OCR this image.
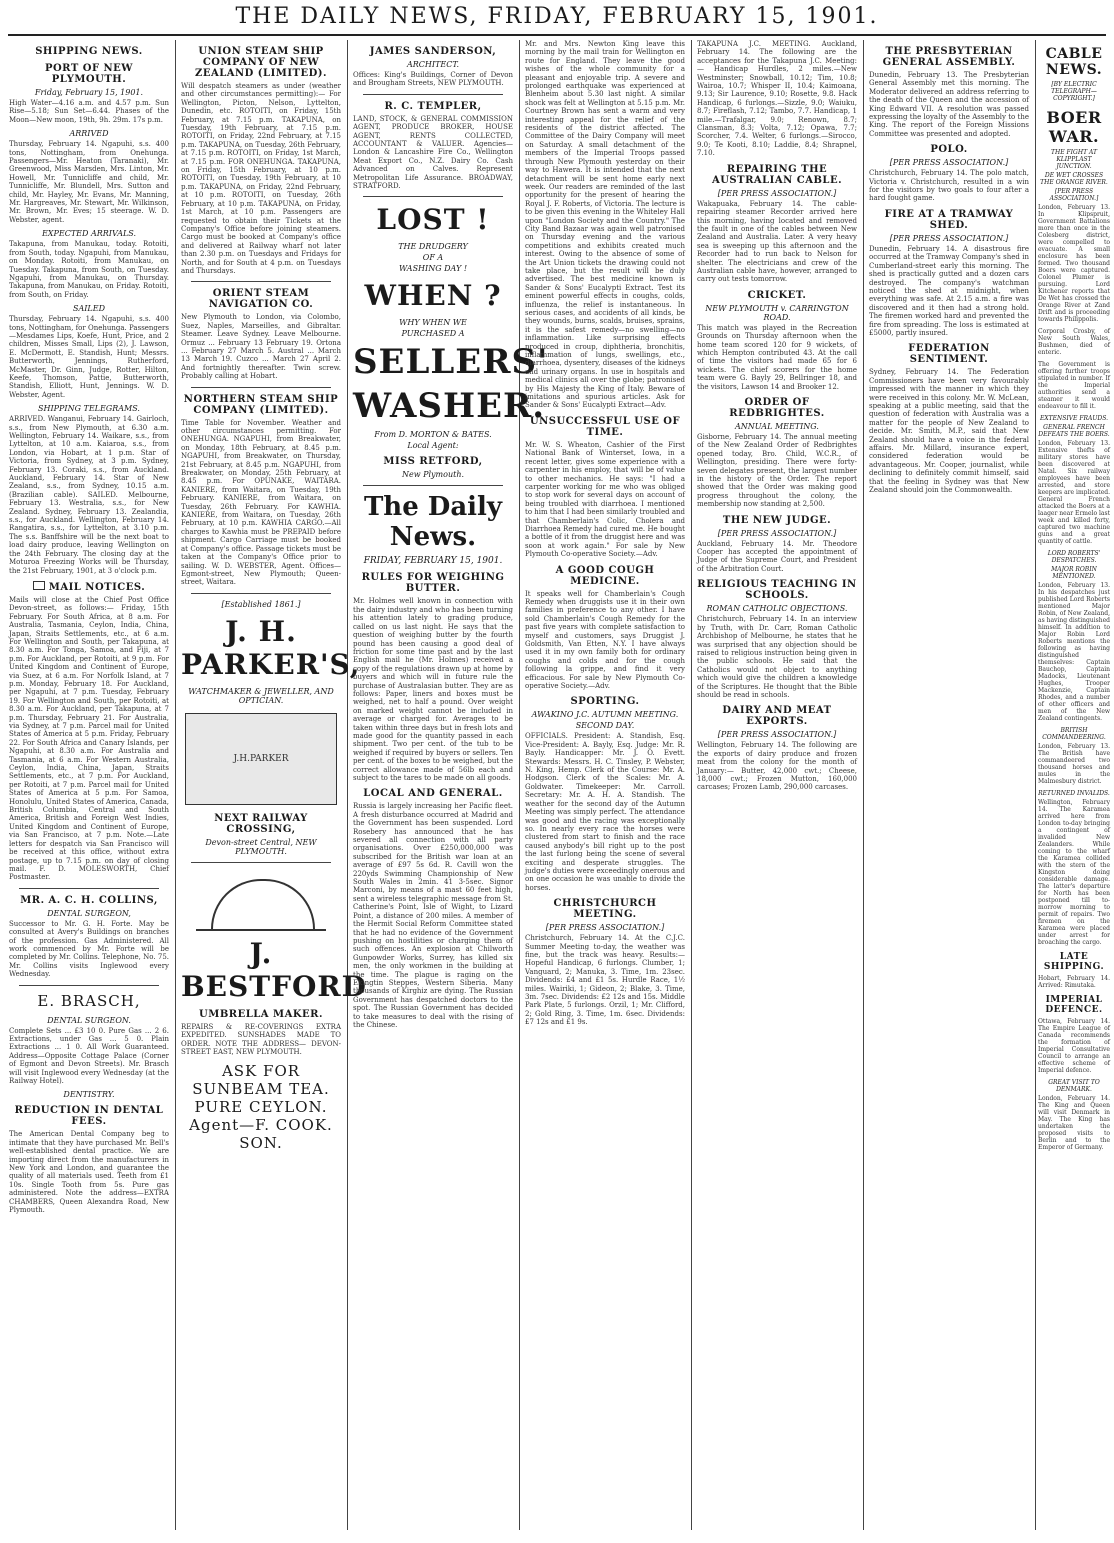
THE DAILY NEWS, FRIDAY, FEBRUARY 15, 1901.
SHIPPING NEWS.
PORT OF NEW PLYMOUTH.
Friday, February 15, 1901.

High Water—4.16 a.m. and 4.57 p.m. Sun Rise—5.18; Sun Set—6.44. Phases of the Moon—New moon, 19th, 9h. 29m. 17s p.m.

ARRIVED

Thursday, February 14. Ngapuhi, s.s. 400 tons, Nottingham, from Onehunga. Passengers—Mr. Heaton (Taranaki), Mr. Greenwood, Miss Marsden, Mrs. Linton, Mr. Howell, Mr. Tunnicliffe and child, Mr. Tunnicliffe, Mr. Blundell, Mrs. Sutton and child, Mr. Hayley, Mr. Evans, Mr. Manning, Mr. Hargreaves, Mr. Stewart, Mr. Wilkinson, Mr. Brown, Mr. Eves; 15 steerage. W. D. Webster, agent.

EXPECTED ARRIVALS.

Takapuna, from Manukau, today. Rotoiti, from South, today. Ngapuhi, from Manukau, on Monday. Rotoiti, from Manukau, on Tuesday. Takapuna, from South, on Tuesday. Ngapuhi, from Manukau, on Thursday. Takapuna, from Manukau, on Friday. Rotoiti, from South, on Friday.

SAILED

Thursday, February 14. Ngapuhi, s.s. 400 tons, Nottingham, for Onehunga. Passengers—Mesdames Lips, Koefe, Hunt, Price, and 2 children, Misses Small, Lips (2), J. Lawson, E. McDermott, E. Standish, Hunt; Messrs. Butterworth, Jennings, Rutherford, McMaster, Dr. Ginn, Judge, Rotter, Hilton, Keefe, Thomson, Pattie, Butterworth, Standish, Elliott, Hunt, Jennings. W. D. Webster, Agent.

SHIPPING TELEGRAMS.

ARRIVED. Wanganui, February 14. Gairloch, s.s., from New Plymouth, at 6.30 a.m. Wellington, February 14. Waikare, s.s., from Lyttelton, at 10 a.m. Kaiaroa, s.s., from London, via Hobart, at 1 p.m. Star of Victoria, from Sydney, at 3 p.m. Sydney, February 13. Coraki, s.s., from Auckland. Auckland, February 14. Star of New Zealand, s.s., from Sydney, 10.15 a.m. (Brazilian cable). SAILED. Melbourne, February 13. Westralia, s.s., for New Zealand. Sydney, February 13. Zealandia, s.s., for Auckland. Wellington, February 14. Rangatira, s.s., for Lyttelton, at 3.10 p.m. The s.s. Banffshire will be the next boat to load dairy produce, leaving Wellington on the 24th February. The closing day at the Moturoa Freezing Works will be Thursday, the 21st February, 1901, at 3 o'clock p.m.

MAIL NOTICES.

Mails will close at the Chief Post Office Devon-street, as follows:— Friday, 15th February. For South Africa, at 8 a.m. For Australia, Tasmania, Ceylon, India, China, Japan, Straits Settlements, etc., at 6 a.m. For Wellington and South, per Takapuna, at 8.30 a.m. For Tonga, Samoa, and Fiji, at 7 p.m. For Auckland, per Rotoiti, at 9 p.m. For United Kingdom and Continent of Europe, via Suez, at 6 a.m. For Norfolk Island, at 7 p.m. Monday, February 18. For Auckland, per Ngapuhi, at 7 p.m. Tuesday, February 19. For Wellington and South, per Rotoiti, at 8.30 a.m. For Auckland, per Takapuna, at 7 p.m. Thursday, February 21. For Australia, via Sydney, at 7 p.m. Parcel mail for United States of America at 5 p.m. Friday, February 22. For South Africa and Canary Islands, per Ngapuhi, at 8.30 a.m. For Australia and Tasmania, at 6 a.m. For Western Australia, Ceylon, India, China, Japan, Straits Settlements, etc., at 7 p.m. For Auckland, per Rotoiti, at 7 p.m. Parcel mail for United States of America at 5 p.m. For Samoa, Honolulu, United States of America, Canada, British Columbia, Central and South America, British and Foreign West Indies, United Kingdom and Continent of Europe, via San Francisco, at 7 p.m. Note.—Late letters for despatch via San Francisco will be received at this office, without extra postage, up to 7.15 p.m. on day of closing mail. F. D. MOLESWORTH, Chief Postmaster.

MR. A. C. H. COLLINS,
DENTAL SURGEON,

Successor to Mr. G. H. Forte. May be consulted at Avery's Buildings on branches of the profession. Gas Administered. All work commenced by Mr. Forte will be completed by Mr. Collins. Telephone, No. 75. Mr. Collins visits Inglewood every Wednesday.

E. BRASCH,
DENTAL SURGEON.

Complete Sets ... £3 10 0. Pure Gas ... 2 6. Extractions, under Gas ... 5 0. Plain Extractions ... 1 0. All Work Guaranteed. Address—Opposite Cottage Palace (Corner of Egmont and Devon Streets). Mr. Brasch will visit Inglewood every Wednesday (at the Railway Hotel).

DENTISTRY.
REDUCTION IN DENTAL FEES.

The American Dental Company beg to intimate that they have purchased Mr. Bell's well-established dental practice. We are importing direct from the manufacturers in New York and London, and guarantee the quality of all materials used. Teeth from £1 10s. Single Tooth from 5s. Pure gas administered. Note the address—EXTRA CHAMBERS, Queen Alexandra Road, New Plymouth.

UNION STEAM SHIP COMPANY OF NEW ZEALAND (LIMITED).

Will despatch steamers as under (weather and other circumstances permitting):— For Wellington, Picton, Nelson, Lyttelton, Dunedin, etc. ROTOITI, on Friday, 15th February, at 7.15 p.m. TAKAPUNA, on Tuesday, 19th February, at 7.15 p.m. ROTOITI, on Friday, 22nd February, at 7.15 p.m. TAKAPUNA, on Tuesday, 26th February, at 7.15 p.m. ROTOITI, on Friday, 1st March, at 7.15 p.m. FOR ONEHUNGA. TAKAPUNA, on Friday, 15th February, at 10 p.m. ROTOITI, on Tuesday, 19th February, at 10 p.m. TAKAPUNA, on Friday, 22nd February, at 10 p.m. ROTOITI, on Tuesday, 26th February, at 10 p.m. TAKAPUNA, on Friday, 1st March, at 10 p.m. Passengers are requested to obtain their Tickets at the Company's Office before joining steamers. Cargo must be booked at Company's office and delivered at Railway wharf not later than 2.30 p.m. on Tuesdays and Fridays for North, and for South at 4 p.m. on Tuesdays and Thursdays.

ORIENT STEAM NAVIGATION CO.

New Plymouth to London, via Colombo, Suez, Naples, Marseilles, and Gibraltar. Steamer. Leave Sydney. Leave Melbourne. Ormuz ... February 13 February 19. Ortona ... February 27 March 5. Austral ... March 13 March 19. Cuzco ... March 27 April 2. And fortnightly thereafter. Twin screw. Probably calling at Hobart.

NORTHERN STEAM SHIP COMPANY (LIMITED).

Time Table for November. Weather and other circumstances permitting. For ONEHUNGA. NGAPUHI, from Breakwater, on Monday, 18th February, at 8.45 p.m. NGAPUHI, from Breakwater, on Thursday, 21st February, at 8.45 p.m. NGAPUHI, from Breakwater, on Monday, 25th February, at 8.45 p.m. For OPUNAKE, WAITARA. KANIERE, from Waitara, on Tuesday, 19th February. KANIERE, from Waitara, on Tuesday, 26th February. For KAWHIA. KANIERE, from Waitara, on Tuesday, 26th February, at 10 p.m. KAWHIA CARGO.—All charges to Kawhia must be PREPAID before shipment. Cargo Carriage must be booked at Company's office. Passage tickets must be taken at the Company's Office prior to sailing. W. D. WEBSTER, Agent. Offices—Egmont-street, New Plymouth; Queen-street, Waitara.

[Established 1861.]
J. H. PARKER'S,
WATCHMAKER & JEWELLER, AND OPTICIAN.
J.H.PARKER
NEXT RAILWAY CROSSING,
Devon-street Central, NEW PLYMOUTH.
J. BESTFORD
UMBRELLA MAKER.

REPAIRS & RE-COVERINGS EXTRA EXPEDITED. SUNSHADES MADE TO ORDER. NOTE THE ADDRESS— DEVON-STREET EAST, NEW PLYMOUTH.

ASK FOR SUNBEAM TEA. PURE CEYLON. Agent—F. COOK. SON.
JAMES SANDERSON,
ARCHITECT.

Offices: King's Buildings, Corner of Devon and Brougham Streets, NEW PLYMOUTH.

R. C. TEMPLER,

LAND, STOCK, & GENERAL COMMISSION AGENT, PRODUCE BROKER, HOUSE AGENT, RENTS COLLECTED, ACCOUNTANT & VALUER. Agencies— London & Lancashire Fire Co., Wellington Meat Export Co., N.Z. Dairy Co. Cash Advanced on Calves. Represent Metropolitan Life Assurance. BROADWAY, STRATFORD.

LOST !
THE DRUDGERY
OF A
WASHING DAY !
WHEN ?
WHY WHEN WE
PURCHASED A
SELLERS'
WASHER.
From D. MORTON & BATES.
Local Agent:
MISS RETFORD,
New Plymouth.
The Daily News.
FRIDAY, FEBRUARY 15, 1901.
RULES FOR WEIGHING BUTTER.

Mr. Holmes well known in connection with the dairy industry and who has been turning his attention lately to grading produce, called on us last night. He says that the question of weighing butter by the fourth pound has been causing a good deal of friction for some time past and by the last English mail he (Mr. Holmes) received a copy of the regulations drawn up at home by buyers and which will in future rule the purchase of Australasian butter. They are as follows: Paper, liners and boxes must be weighed, net to half a pound. Over weight on marked weight cannot be included in average or charged for. Averages to be taken within three days but in fresh lots and made good for the quantity passed in each shipment. Two per cent. of the tub to be weighed if required by buyers or sellers. Ten per cent. of the boxes to be weighed, but the correct allowance made of 56lb each and subject to the tares to be made on all goods.

LOCAL AND GENERAL.

Russia is largely increasing her Pacific fleet. A fresh disturbance occurred at Madrid and the Government has been suspended. Lord Rosebery has announced that he has severed all connection with all party organisations. Over £250,000,000 was subscribed for the British war loan at an average of £97 5s 6d. R. Cavill won the 220yds Swimming Championship of New South Wales in 2min. 41 3-5sec. Signor Marconi, by means of a mast 60 feet high, sent a wireless telegraphic message from St. Catherine's Point, Isle of Wight, to Lizard Point, a distance of 200 miles. A member of the Hermit Social Reform Committee stated that he had no evidence of the Government pushing on hostilities or charging them of such offences. An explosion at Chilworth Gunpowder Works, Surrey, has killed six men, the only workmen in the building at the time. The plague is raging on the Ekingtin Steppes, Western Siberia. Many thousands of Kirghiz are dying. The Russian Government has despatched doctors to the spot. The Russian Government has decided to take measures to deal with the rising of the Chinese.

Mr. and Mrs. Newton King leave this morning by the mail train for Wellington en route for England. They leave the good wishes of the whole community for a pleasant and enjoyable trip. A severe and prolonged earthquake was experienced at Blenheim about 5.30 last night. A similar shock was felt at Wellington at 5.15 p.m. Mr. Courtney Brown has sent a warm and very interesting appeal for the relief of the residents of the district affected. The Committee of the Dairy Company will meet on Saturday. A small detachment of the members of the Imperial Troops passed through New Plymouth yesterday on their way to Hawera. It is intended that the next detachment will be sent home early next week. Our readers are reminded of the last opportunity for the present of hearing the Royal J. F. Roberts, of Victoria. The lecture is to be given this evening in the Whiteley Hall upon "London Society and the Country." The City Band Bazaar was again well patronised on Thursday evening and the various competitions and exhibits created much interest. Owing to the absence of some of the Art Union tickets the drawing could not take place, but the result will be duly advertised. The best medicine known is Sander & Sons' Eucalypti Extract. Test its eminent powerful effects in coughs, colds, influenza, the relief is instantaneous. In serious cases, and accidents of all kinds, be they wounds, burns, scalds, bruises, sprains, it is the safest remedy—no swelling—no inflammation. Like surprising effects produced in croup, diphtheria, bronchitis, inflammation of lungs, swellings, etc., diarrhoea, dysentery, diseases of the kidneys and urinary organs. In use in hospitals and medical clinics all over the globe; patronised by His Majesty the King of Italy. Beware of imitations and spurious articles. Ask for Sander & Sons' Eucalypti Extract—Adv.

UNSUCCESSFUL USE OF TIME.

Mr. W. S. Wheaton, Cashier of the First National Bank of Winterset, Iowa, in a recent letter, gives some experience with a carpenter in his employ, that will be of value to other mechanics. He says: "I had a carpenter working for me who was obliged to stop work for several days on account of being troubled with diarrhoea. I mentioned to him that I had been similarly troubled and that Chamberlain's Colic, Cholera and Diarrhoea Remedy had cured me. He bought a bottle of it from the druggist here and was soon at work again." For sale by New Plymouth Co-operative Society.—Adv.

A GOOD COUGH MEDICINE.

It speaks well for Chamberlain's Cough Remedy when druggists use it in their own families in preference to any other. I have sold Chamberlain's Cough Remedy for the past five years with complete satisfaction to myself and customers, says Druggist J. Goldsmith, Van Etten, N.Y. I have always used it in my own family both for ordinary coughs and colds and for the cough following la grippe, and find it very efficacious. For sale by New Plymouth Co-operative Society.—Adv.

SPORTING.
AWAKINO J.C. AUTUMN MEETING.
SECOND DAY.

OFFICIALS. President: A. Standish, Esq. Vice-President: A. Bayly, Esq. Judge: Mr. R. Bayly. Handicapper: Mr. J. O. Evett. Stewards: Messrs. H. C. Tinsley, P. Webster, N. King, Hemp. Clerk of the Course: Mr. A. Hodgson. Clerk of the Scales: Mr. A. Goldwater. Timekeeper: Mr. Carroll. Secretary: Mr. A. H. A. Standish. The weather for the second day of the Autumn Meeting was simply perfect. The attendance was good and the racing was exceptionally so. In nearly every race the horses were clustered from start to finish and the race caused anybody's bill right up to the post the last furlong being the scene of several exciting and desperate struggles. The judge's duties were exceedingly onerous and on one occasion he was unable to divide the horses.

CHRISTCHURCH MEETING.
[PER PRESS ASSOCIATION.]

Christchurch, February 14. At the C.J.C. Summer Meeting to-day, the weather was fine, but the track was heavy. Results:— Hopeful Handicap, 6 furlongs. Clumber, 1; Vanguard, 2; Manuka, 3. Time, 1m. 23sec. Dividends: £4 and £1 5s. Hurdle Race, 1½ miles. Wairiki, 1; Gideon, 2; Blake, 3. Time, 3m. 7sec. Dividends: £2 12s and 15s. Middle Park Plate, 5 furlongs. Orzil, 1; Mr. Clifford, 2; Gold Ring, 3. Time, 1m. 6sec. Dividends: £7 12s and £1 9s.

TAKAPUNA J.C. MEETING. Auckland, February 14. The following are the acceptances for the Takapuna J.C. Meeting:— Handicap Hurdles, 2 miles.—New Westminster; Snowball, 10.12; Tim, 10.8; Wairoa, 10.7; Whisper II, 10.4; Kaimoana, 9.13; Sir Laurence, 9.10; Rosette, 9.8. Hack Handicap, 6 furlongs.—Sizzle, 9.0; Waiuku, 8.7; Fireflash, 7.12; Tambo, 7.7. Handicap, 1 mile.—Trafalgar, 9.0; Renown, 8.7; Clansman, 8.3; Volta, 7.12; Opawa, 7.7; Scorcher, 7.4. Welter, 6 furlongs.—Sirocco, 9.0; Te Kooti, 8.10; Laddie, 8.4; Shrapnel, 7.10.

REPAIRING THE AUSTRALIAN CABLE.
[PER PRESS ASSOCIATION.]

Wakapuaka, February 14. The cable-repairing steamer Recorder arrived here this morning, having located and removed the fault in one of the cables between New Zealand and Australia. Later. A very heavy sea is sweeping up this afternoon and the Recorder had to run back to Nelson for shelter. The electricians and crew of the Australian cable have, however, arranged to carry out tests tomorrow.

CRICKET.
NEW PLYMOUTH v. CARRINGTON ROAD.

This match was played in the Recreation Grounds on Thursday afternoon when the home team scored 120 for 9 wickets, of which Hempton contributed 43. At the call of time the visitors had made 65 for 6 wickets. The chief scorers for the home team were G. Bayly 29, Bellringer 18, and the visitors, Lawson 14 and Brooker 12.

ORDER OF REDBRIGHTES.
ANNUAL MEETING.

Gisborne, February 14. The annual meeting of the New Zealand Order of Redbrightes opened today, Bro. Child, W.C.R., of Wellington, presiding. There were forty-seven delegates present, the largest number in the history of the Order. The report showed that the Order was making good progress throughout the colony, the membership now standing at 2,500.

THE NEW JUDGE.
[PER PRESS ASSOCIATION.]

Auckland, February 14. Mr. Theodore Cooper has accepted the appointment of Judge of the Supreme Court, and President of the Arbitration Court.

RELIGIOUS TEACHING IN SCHOOLS.
ROMAN CATHOLIC OBJECTIONS.

Christchurch, February 14. In an interview by Truth, with Dr. Carr, Roman Catholic Archbishop of Melbourne, he states that he was surprised that any objection should be raised to religious instruction being given in the public schools. He said that the Catholics would not object to anything which would give the children a knowledge of the Scriptures. He thought that the Bible should be read in schools.

DAIRY AND MEAT EXPORTS.
[PER PRESS ASSOCIATION.]

Wellington, February 14. The following are the exports of dairy produce and frozen meat from the colony for the month of January:— Butter, 42,000 cwt.; Cheese, 18,000 cwt.; Frozen Mutton, 160,000 carcases; Frozen Lamb, 290,000 carcases.

THE PRESBYTERIAN GENERAL ASSEMBLY.

Dunedin, February 13. The Presbyterian General Assembly met this morning. The Moderator delivered an address referring to the death of the Queen and the accession of King Edward VII. A resolution was passed expressing the loyalty of the Assembly to the King. The report of the Foreign Missions Committee was presented and adopted.

POLO.
[PER PRESS ASSOCIATION.]

Christchurch, February 14. The polo match, Victoria v. Christchurch, resulted in a win for the visitors by two goals to four after a hard fought game.

FIRE AT A TRAMWAY SHED.
[PER PRESS ASSOCIATION.]

Dunedin, February 14. A disastrous fire occurred at the Tramway Company's shed in Cumberland-street early this morning. The shed is practically gutted and a dozen cars destroyed. The company's watchman noticed the shed at midnight, when everything was safe. At 2.15 a.m. a fire was discovered and it then had a strong hold. The firemen worked hard and prevented the fire from spreading. The loss is estimated at £5000, partly insured.

FEDERATION SENTIMENT.

Sydney, February 14. The Federation Commissioners have been very favourably impressed with the manner in which they were received in this colony. Mr. W. McLean, speaking at a public meeting, said that the question of federation with Australia was a matter for the people of New Zealand to decide. Mr. Smith, M.P., said that New Zealand should have a voice in the federal affairs. Mr. Millard, insurance expert, considered federation would be advantageous. Mr. Cooper, journalist, while declining to definitely commit himself, said that the feeling in Sydney was that New Zealand should join the Commonwealth.

CABLE NEWS.
[BY ELECTRIC TELEGRAPH—COPYRIGHT.]
BOER WAR.
THE FIGHT AT KLIPPLAST JUNCTION.
DE WET CROSSES THE ORANGE RIVER.
[PER PRESS ASSOCIATION.]

London, February 13. In Klipspruit, Government Battalions more than once in the Colesberg district, were compelled to evacuate. A small enclosure has been formed. Two thousand Boers were captured. Colonel Plumer is pursuing. Lord Kitchener reports that De Wet has crossed the Orange River at Zand Drift and is proceeding towards Philippolis.

Corporal Crosby, of New South Wales, Bushmen, died of enteric.

The Government is offering further troops stipulated in number. If the Imperial authorities send a steamer it would endeavour to fill it.

EXTENSIVE FRAUDS.
GENERAL FRENCH DEFEATS THE BOERS.

London, February 13. Extensive thefts of military stores have been discovered at Natal. Six railway employees have been arrested, and store keepers are implicated. General French attacked the Boers at a laager near Ermelo last week and killed forty, captured two machine guns and a great quantity of cattle.

LORD ROBERTS' DESPATCHES.
MAJOR ROBIN MENTIONED.

London, February 13. In his despatches just published Lord Roberts mentioned Major Robin, of New Zealand, as having distinguished himself. In addition to Major Robin Lord Roberts mentions the following as having distinguished themselves: Captain Bauchop, Captain Madocks, Lieutenant Hughes, Trooper Mackenzie, Captain Rhodes, and a number of other officers and men of the New Zealand contingents.

BRITISH COMMANDEERING.

London, February 13. The British have commandeered two thousand horses and mules in the Malmesbury district.

RETURNED INVALIDS.

Wellington, February 14. The Karamea arrived here from London to-day bringing a contingent of invalided New Zealanders. While coming to the wharf the Karamea collided with the stern of the Kingston doing considerable damage. The latter's departure for North has been postponed till to-morrow morning to permit of repairs. Two firemen on the Karamea were placed under arrest for broaching the cargo.

LATE SHIPPING.

Hobart, February 14. Arrived: Rimutaka.

IMPERIAL DEFENCE.

Ottawa, February 14. The Empire League of Canada recommends the formation of Imperial Consultative Council to arrange an effective scheme of Imperial defence.

GREAT VISIT TO DENMARK.

London, February 14. The King and Queen will visit Denmark in May. The King has undertaken the proposed visits to Berlin and to the Emperor of Germany.
